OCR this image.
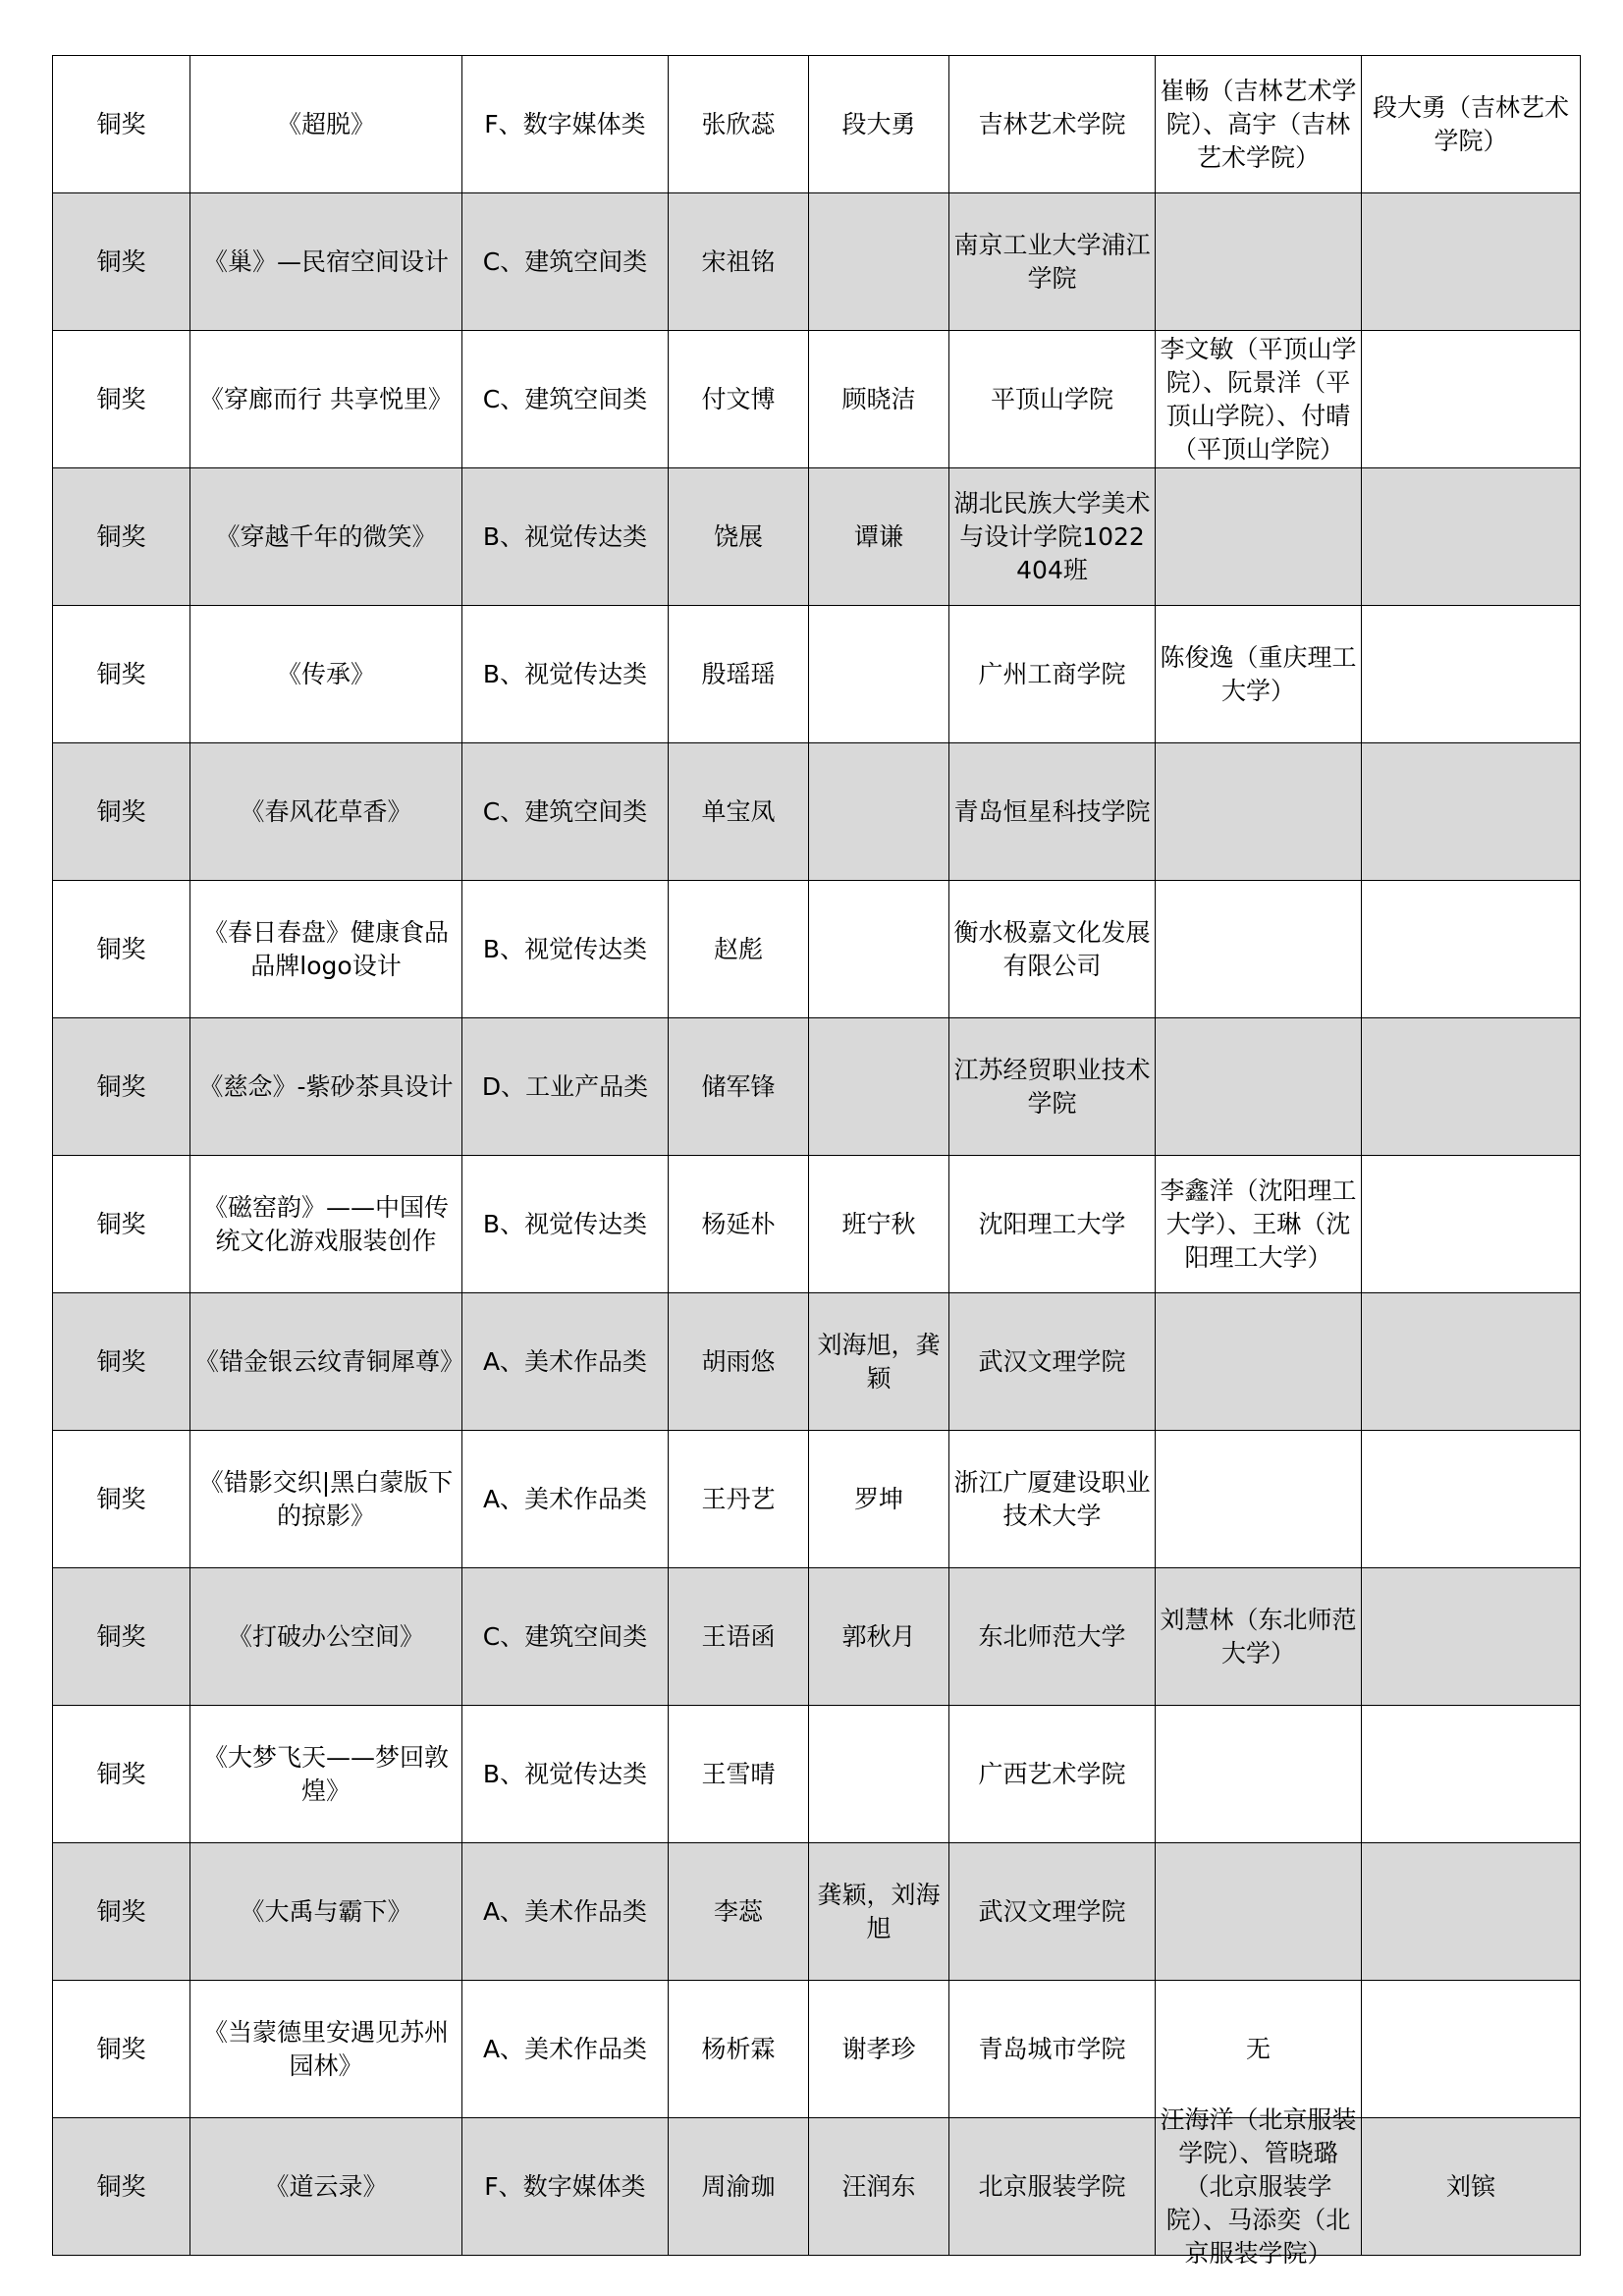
铜奖	《超脱》	F、数字媒体类	张欣蕊	段大勇	吉林艺术学院	崔畅（吉林艺术学院）、高宇（吉林艺术学院）	段大勇（吉林艺术学院）
铜奖	《巢》—民宿空间设计	C、建筑空间类	宋祖铭		南京工业大学浦江学院	

铜奖	《穿廊而行 共享悦里》	C、建筑空间类	付文博	顾晓洁	平顶山学院	李文敏（平顶山学院）、阮景洋（平顶山学院）、付晴（平顶山学院）	

铜奖	《穿越千年的微笑》	B、视觉传达类	饶展	谭谦	湖北民族大学美术与设计学院1022404班	

铜奖	《传承》	B、视觉传达类	殷瑶瑶		广州工商学院	陈俊逸（重庆理工大学）	

铜奖	《春风花草香》	C、建筑空间类	单宝凤		青岛恒星科技学院	

铜奖	《春日春盘》健康食品品牌logo设计	B、视觉传达类	赵彪		衡水极嘉文化发展有限公司	

铜奖	《慈念》-紫砂茶具设计	D、工业产品类	储军锋		江苏经贸职业技术学院	

铜奖	《磁窑韵》——中国传统文化游戏服装创作	B、视觉传达类	杨延朴	班宁秋	沈阳理工大学	李鑫洋（沈阳理工大学）、王琳（沈阳理工大学）	

铜奖	《错金银云纹青铜犀尊》	A、美术作品类	胡雨悠	刘海旭，龚颖	武汉文理学院	

铜奖	《错影交织|黑白蒙版下的掠影》	A、美术作品类	王丹艺	罗坤	浙江广厦建设职业技术大学	

铜奖	《打破办公空间》	C、建筑空间类	王语函	郭秋月	东北师范大学	刘慧林（东北师范大学）	

铜奖	《大梦飞天——梦回敦煌》	B、视觉传达类	王雪晴		广西艺术学院	

铜奖	《大禹与霸下》	A、美术作品类	李蕊	龚颖，刘海旭	武汉文理学院	

铜奖	《当蒙德里安遇见苏州园林》	A、美术作品类	杨析霖	谢孝珍	青岛城市学院	无	

铜奖	《道云录》	F、数字媒体类	周渝珈	汪润东	北京服装学院	汪海洋（北京服装学院）、管晓璐（北京服装学院）、马添奕（北京服装学院）	刘镔
